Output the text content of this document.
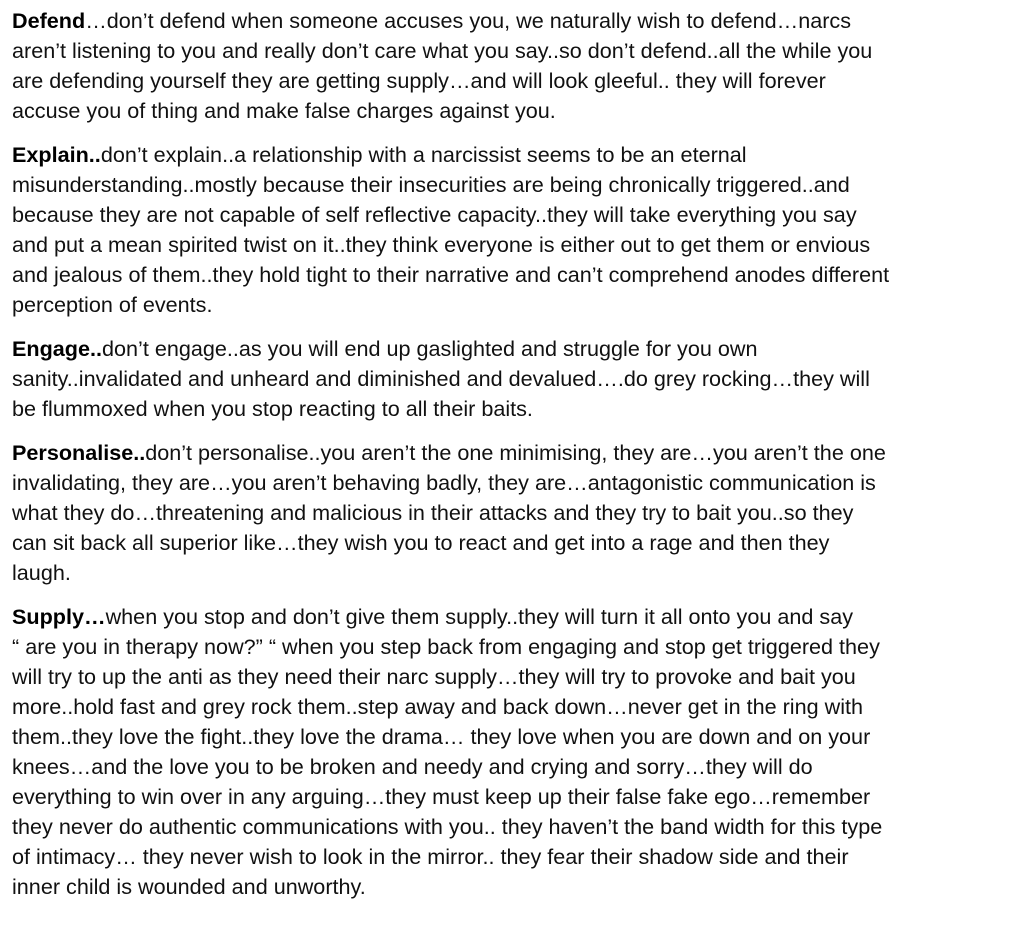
Defend…don’t defend when someone accuses you, we naturally wish to defend…narcs
aren’t listening to you and really don’t care what you say..so don’t defend..all the while you
are defending yourself they are getting supply…and will look gleeful.. they will forever
accuse you of thing and make false charges against you.

Explain..don’t explain..a relationship with a narcissist seems to be an eternal
misunderstanding..mostly because their insecurities are being chronically triggered..and
because they are not capable of self reflective capacity..they will take everything you say
and put a mean spirited twist on it..they think everyone is either out to get them or envious
and jealous of them..they hold tight to their narrative and can’t comprehend anodes different
perception of events.

Engage..don’t engage..as you will end up gaslighted and struggle for you own
sanity..invalidated and unheard and diminished and devalued….do grey rocking…they will
be flummoxed when you stop reacting to all their baits.

Personalise..don’t personalise..you aren’t the one minimising, they are…you aren’t the one
invalidating, they are…you aren’t behaving badly, they are…antagonistic communication is
what they do…threatening and malicious in their attacks and they try to bait you..so they
can sit back all superior like…they wish you to react and get into a rage and then they
laugh.

Supply…when you stop and don’t give them supply..they will turn it all onto you and say
“ are you in therapy now?” “ when you step back from engaging and stop get triggered they
will try to up the anti as they need their narc supply…they will try to provoke and bait you
more..hold fast and grey rock them..step away and back down…never get in the ring with
them..they love the fight..they love the drama… they love when you are down and on your
knees…and the love you to be broken and needy and crying and sorry…they will do
everything to win over in any arguing…they must keep up their false fake ego…remember
they never do authentic communications with you.. they haven’t the band width for this type
of intimacy… they never wish to look in the mirror.. they fear their shadow side and their
inner child is wounded and unworthy.
